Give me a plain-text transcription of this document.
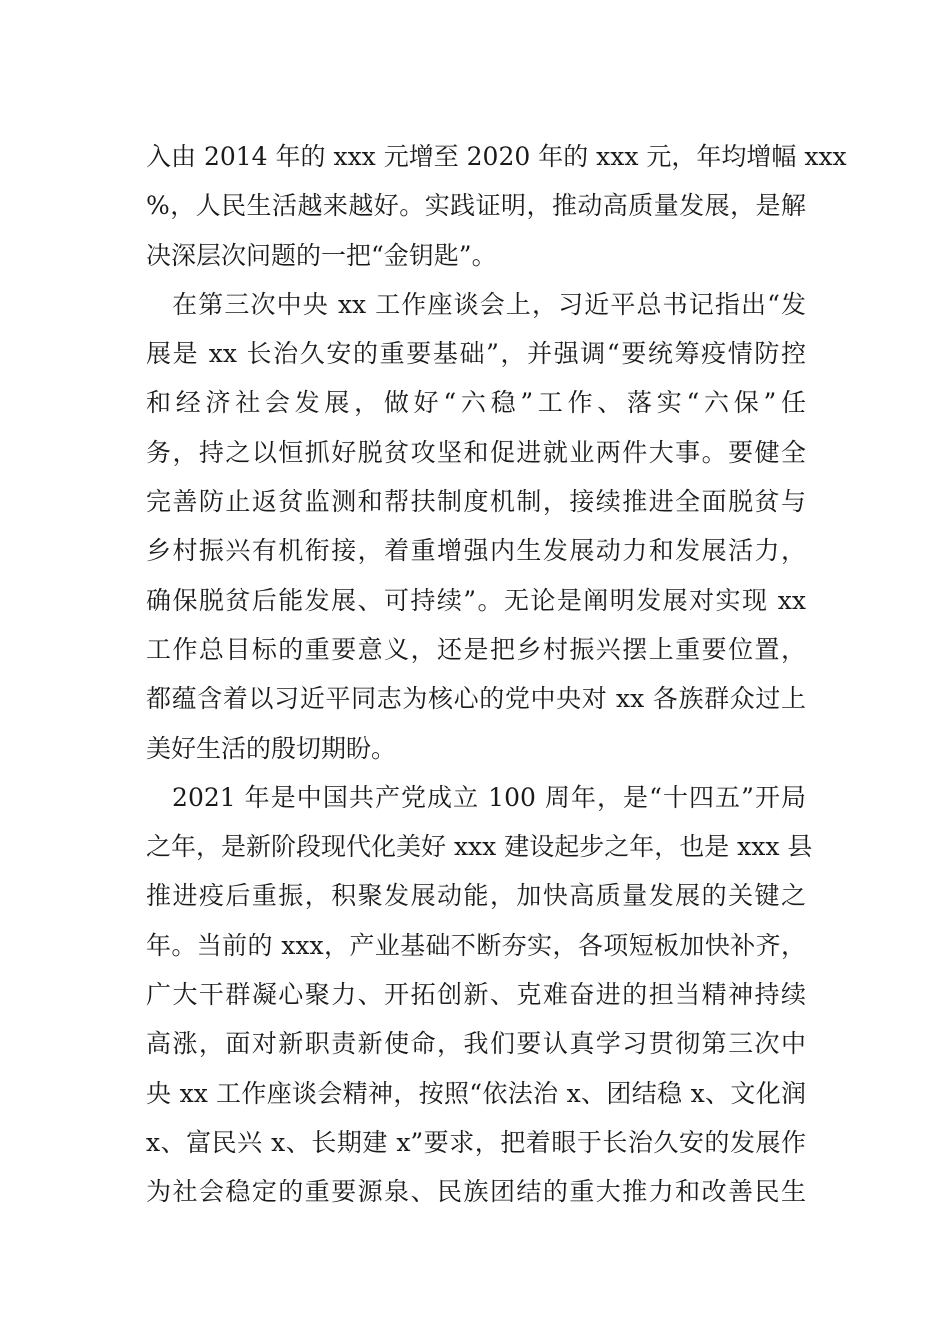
入由 2014 年的 xxx 元增至 2020 年的 xxx 元，年均增幅 xxx
%，人民生活越来越好。实践证明，推动高质量发展，是解
决深层次问题的一把“金钥匙”。
　在第三次中央 xx 工作座谈会上，习近平总书记指出“发
展是 xx 长治久安的重要基础”，并强调“要统筹疫情防控
和经济社会发展，做好“六稳”工作、落实“六保”任
务，持之以恒抓好脱贫攻坚和促进就业两件大事。要健全
完善防止返贫监测和帮扶制度机制，接续推进全面脱贫与
乡村振兴有机衔接，着重增强内生发展动力和发展活力，
确保脱贫后能发展、可持续”。无论是阐明发展对实现 xx
工作总目标的重要意义，还是把乡村振兴摆上重要位置，
都蕴含着以习近平同志为核心的党中央对 xx 各族群众过上
美好生活的殷切期盼。
　2021 年是中国共产党成立 100 周年，是“十四五”开局
之年，是新阶段现代化美好 xxx 建设起步之年，也是 xxx 县
推进疫后重振，积聚发展动能，加快高质量发展的关键之
年。当前的 xxx，产业基础不断夯实，各项短板加快补齐，
广大干群凝心聚力、开拓创新、克难奋进的担当精神持续
高涨，面对新职责新使命，我们要认真学习贯彻第三次中
央 xx 工作座谈会精神，按照“依法治 x、团结稳 x、文化润
x、富民兴 x、长期建 x”要求，把着眼于长治久安的发展作
为社会稳定的重要源泉、民族团结的重大推力和改善民生
